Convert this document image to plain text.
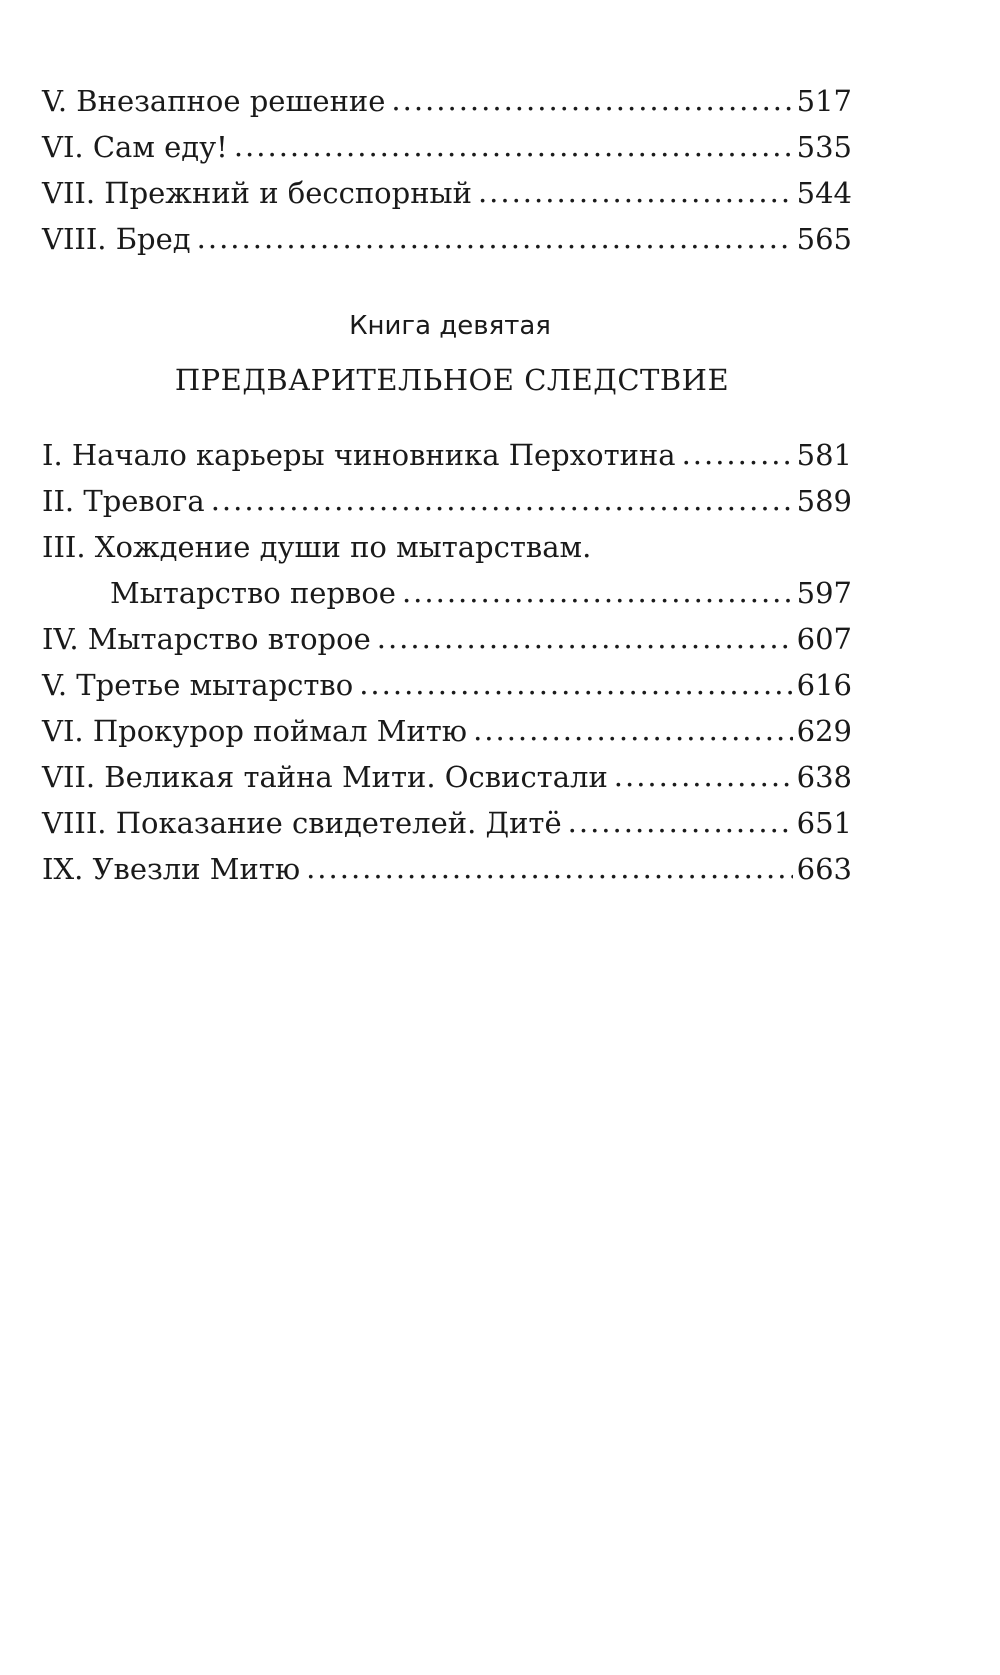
V. Внезапное решение .....	517
VI. Сам еду! .....	535
VII. Прежний и бесспорный .....	544
VIII. Бред .....	565
Книга девятая
ПРЕДВАРИТЕЛЬНОЕ СЛЕДСТВИЕ
I. Начало карьеры чиновника Перхотина .....	581
II. Тревога .....	589
III. Хождение души по мытарствам.
Мытарство первое .....	597
IV. Мытарство второе .....	607
V. Третье мытарство .....	616
VI. Прокурор поймал Митю .....	629
VII. Великая тайна Мити. Освистали .....	638
VIII. Показание свидетелей. Дитё .....	651
IX. Увезли Митю .....	663
